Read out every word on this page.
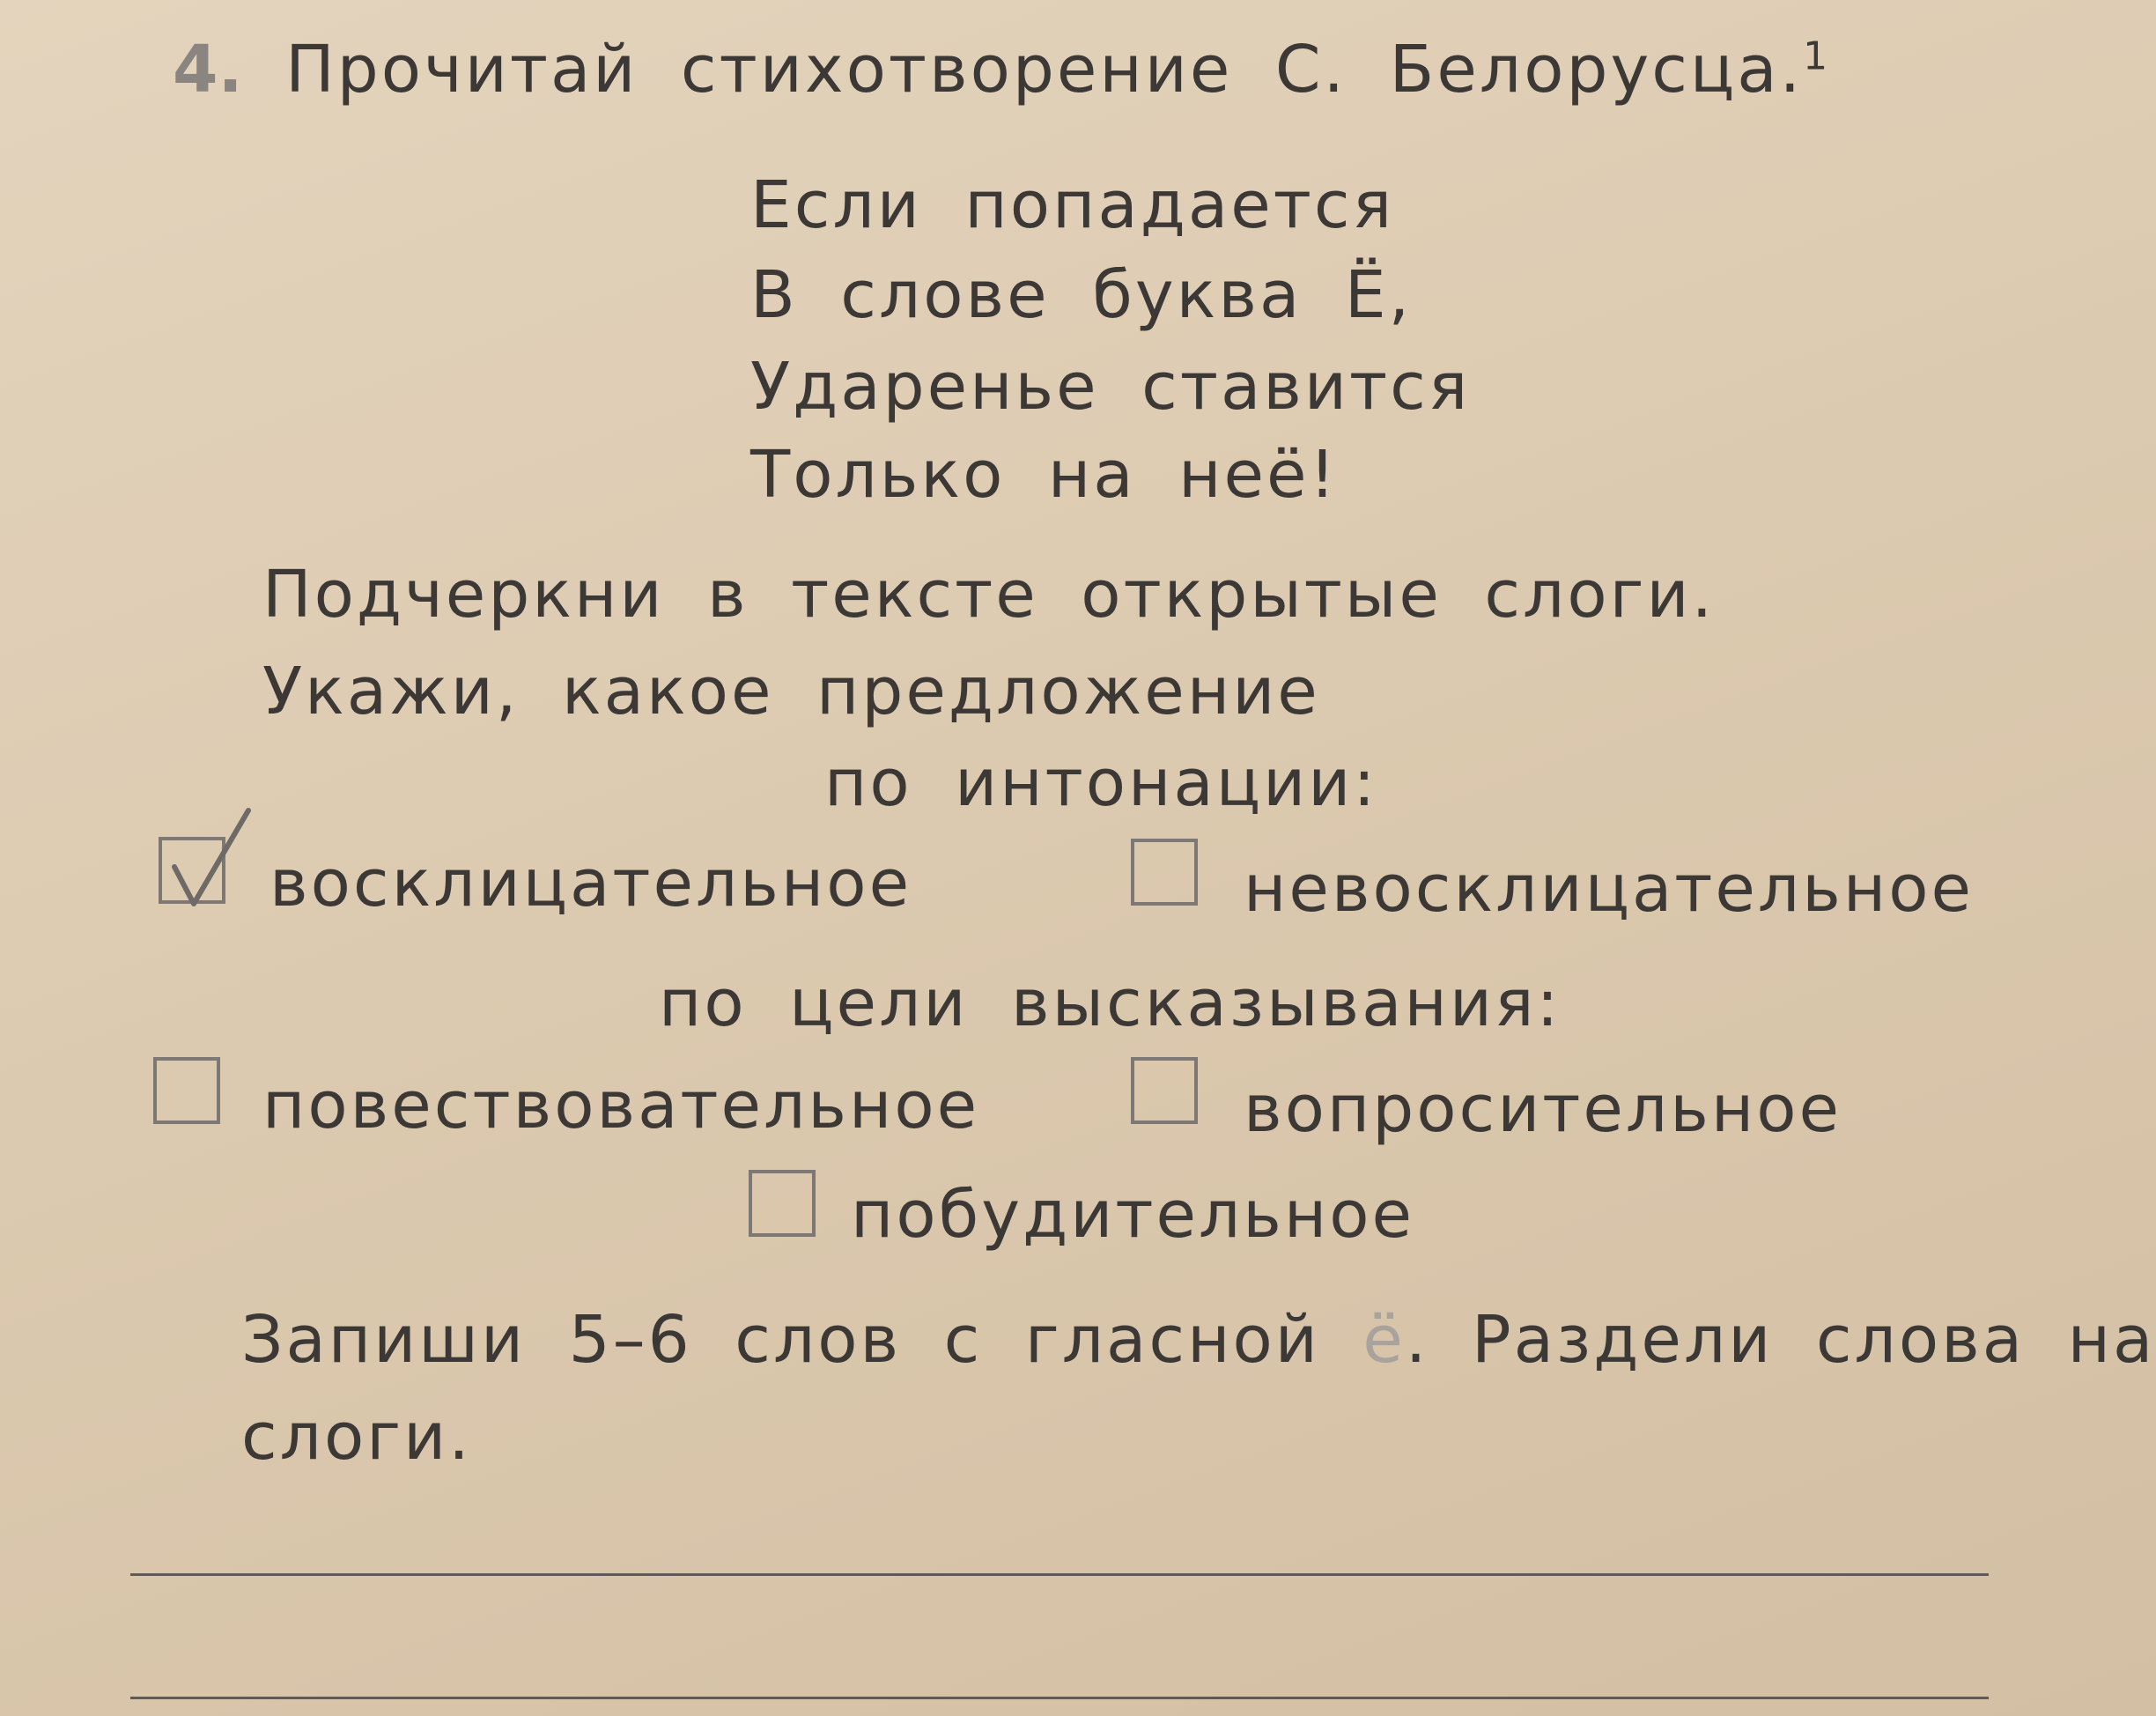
4. Прочитай стихотворение С. Белорусца.$^1$
Если попадается
В слове буква Ё,
Ударенье ставится
Только на неё!
Подчеркни в тексте открытые слоги.
Укажи, какое предложение
по интонации:
восклицательное	невосклицательное
по цели высказывания:
повествовательное	вопросительное
побудительное
Запиши 5–6 слов с гласной ё. Раздели слова на
слоги.
